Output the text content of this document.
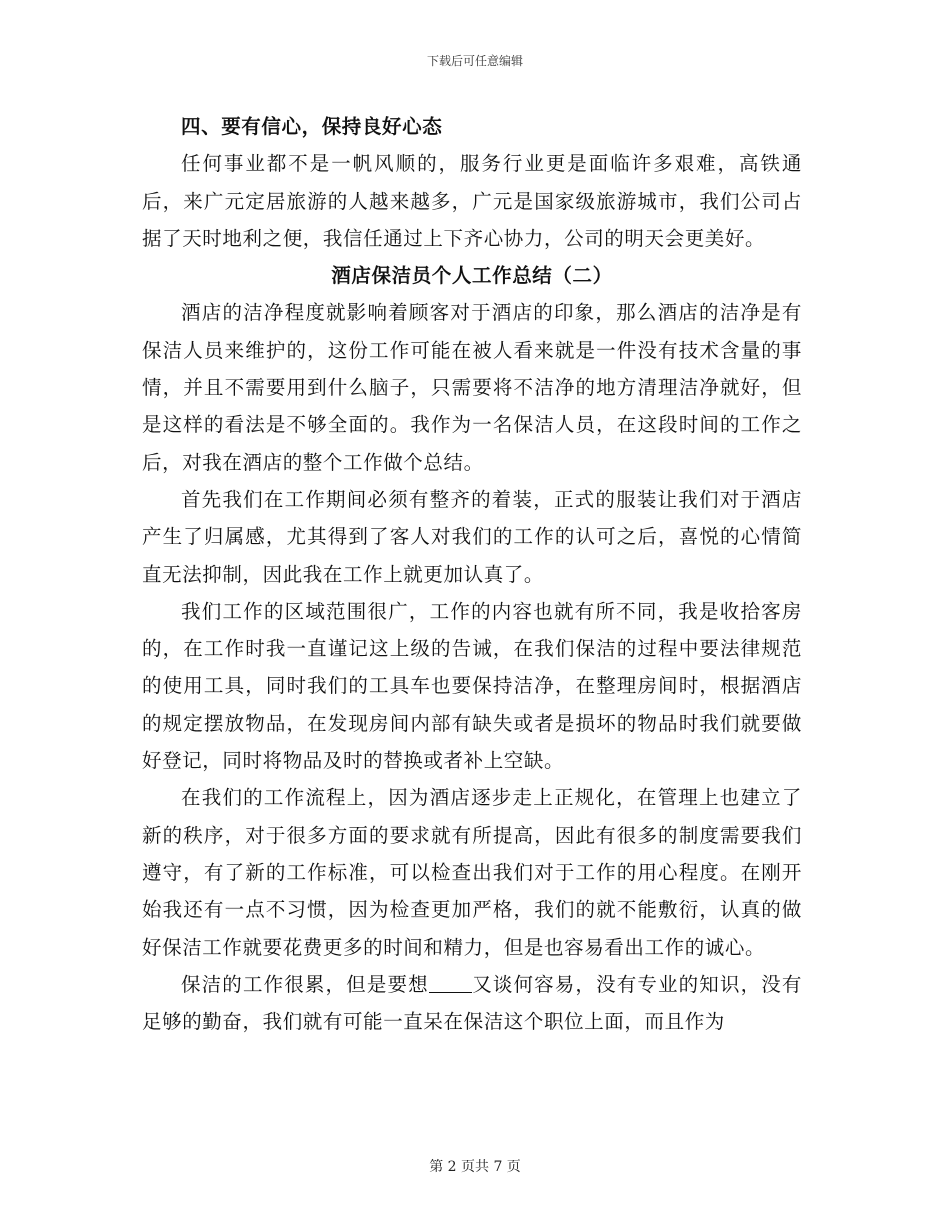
下载后可任意编辑
四、要有信心，保持良好心态

任何事业都不是一帆风顺的，服务行业更是面临许多艰难，高铁通后，来广元定居旅游的人越来越多，广元是国家级旅游城市，我们公司占据了天时地利之便，我信任通过上下齐心协力，公司的明天会更美好。

酒店保洁员个人工作总结（二）

酒店的洁净程度就影响着顾客对于酒店的印象，那么酒店的洁净是有保洁人员来维护的，这份工作可能在被人看来就是一件没有技术含量的事情，并且不需要用到什么脑子，只需要将不洁净的地方清理洁净就好，但是这样的看法是不够全面的。我作为一名保洁人员，在这段时间的工作之后，对我在酒店的整个工作做个总结。

首先我们在工作期间必须有整齐的着装，正式的服装让我们对于酒店产生了归属感，尤其得到了客人对我们的工作的认可之后，喜悦的心情简直无法抑制，因此我在工作上就更加认真了。

我们工作的区域范围很广，工作的内容也就有所不同，我是收拾客房的，在工作时我一直谨记这上级的告诫，在我们保洁的过程中要法律规范的使用工具，同时我们的工具车也要保持洁净，在整理房间时，根据酒店的规定摆放物品，在发现房间内部有缺失或者是损坏的物品时我们就要做好登记，同时将物品及时的替换或者补上空缺。

在我们的工作流程上，因为酒店逐步走上正规化，在管理上也建立了新的秩序，对于很多方面的要求就有所提高，因此有很多的制度需要我们遵守，有了新的工作标准，可以检查出我们对于工作的用心程度。在刚开始我还有一点不习惯，因为检查更加严格，我们的就不能敷衍，认真的做好保洁工作就要花费更多的时间和精力，但是也容易看出工作的诚心。

保洁的工作很累，但是要想 又谈何容易，没有专业的知识，没有足够的勤奋，我们就有可能一直呆在保洁这个职位上面，而且作为

第 2 页共 7 页
